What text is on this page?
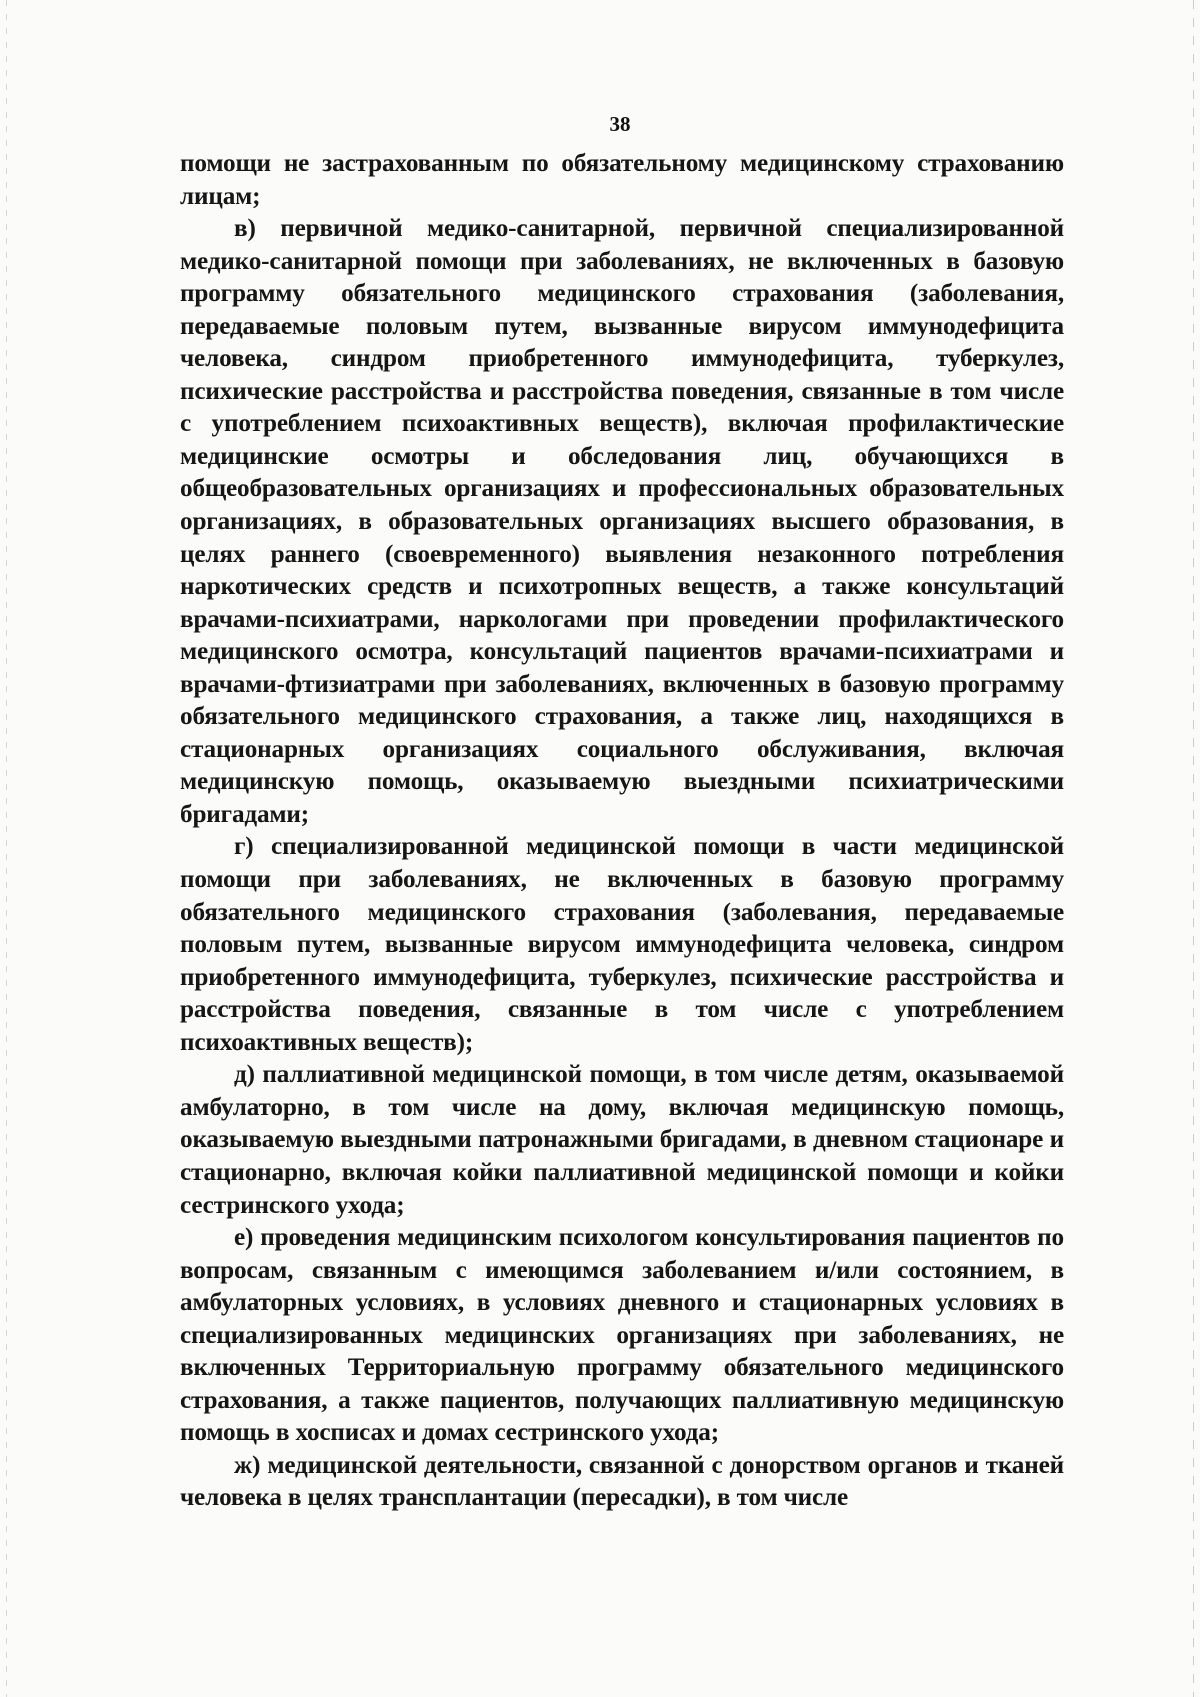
38

помощи не застрахованным по обязательному медицинскому страхованию лицам;

в) первичной медико-санитарной, первичной специализированной медико-санитарной помощи при заболеваниях, не включенных в базовую программу обязательного медицинского страхования (заболевания, передаваемые половым путем, вызванные вирусом иммунодефицита человека, синдром приобретенного иммунодефицита, туберкулез, психические расстройства и расстройства поведения, связанные в том числе с употреблением психоактивных веществ), включая профилактические медицинские осмотры и обследования лиц, обучающихся в общеобразовательных организациях и профессиональных образовательных организациях, в образовательных организациях высшего образования, в целях раннего (своевременного) выявления незаконного потребления наркотических средств и психотропных веществ, а также консультаций врачами-психиатрами, наркологами при проведении профилактического медицинского осмотра, консультаций пациентов врачами-психиатрами и врачами-фтизиатрами при заболеваниях, включенных в базовую программу обязательного медицинского страхования, а также лиц, находящихся в стационарных организациях социального обслуживания, включая медицинскую помощь, оказываемую выездными психиатрическими бригадами;

г) специализированной медицинской помощи в части медицинской помощи при заболеваниях, не включенных в базовую программу обязательного медицинского страхования (заболевания, передаваемые половым путем, вызванные вирусом иммунодефицита человека, синдром приобретенного иммунодефицита, туберкулез, психические расстройства и расстройства поведения, связанные в том числе с употреблением психоактивных веществ);

д) паллиативной медицинской помощи, в том числе детям, оказываемой амбулаторно, в том числе на дому, включая медицинскую помощь, оказываемую выездными патронажными бригадами, в дневном стационаре и стационарно, включая койки паллиативной медицинской помощи и койки сестринского ухода;

е) проведения медицинским психологом консультирования пациентов по вопросам, связанным с имеющимся заболеванием и/или состоянием, в амбулаторных условиях, в условиях дневного и стационарных условиях в специализированных медицинских организациях при заболеваниях, не включенных Территориальную программу обязательного медицинского страхования, а также пациентов, получающих паллиативную медицинскую помощь в хосписах и домах сестринского ухода;

ж) медицинской деятельности, связанной с донорством органов и тканей человека в целях трансплантации (пересадки), в том числе
